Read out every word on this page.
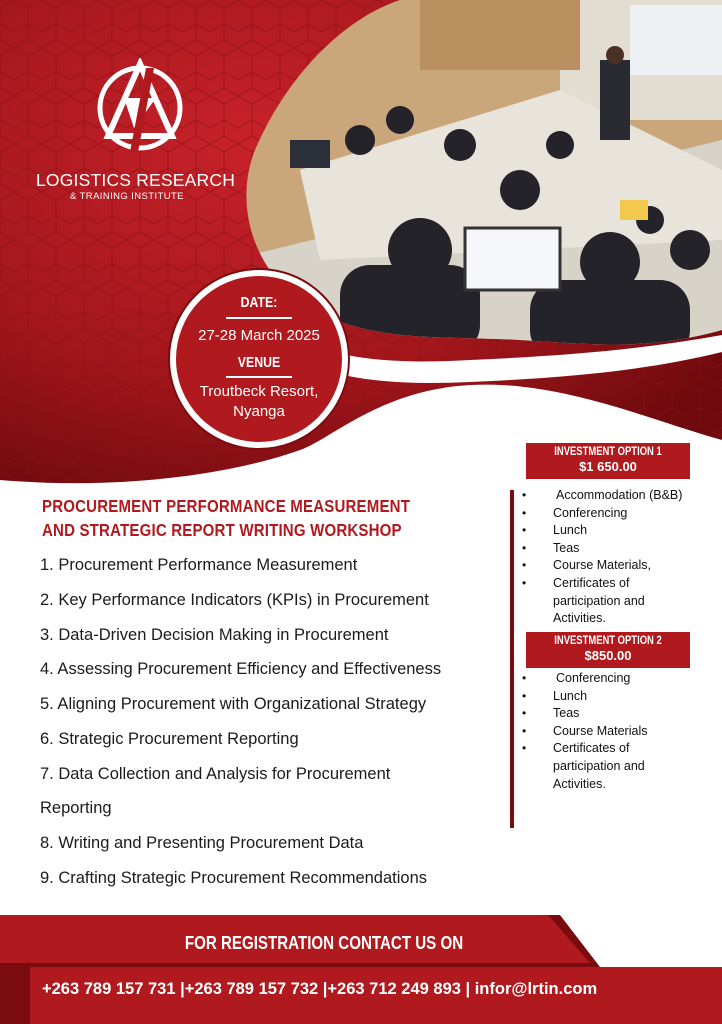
LOGISTICS RESEARCH
& TRAINING INSTITUTE
DATE:
27-28 March 2025
VENUE
Troutbeck Resort,
Nyanga
PROCUREMENT PERFORMANCE MEASUREMENT AND STRATEGIC REPORT WRITING WORKSHOP
1. Procurement Performance Measurement
2. Key Performance Indicators (KPIs) in Procurement
3. Data-Driven Decision Making in Procurement
4. Assessing Procurement Efficiency and Effectiveness
5. Aligning Procurement with Organizational Strategy
6. Strategic Procurement Reporting
7. Data Collection and Analysis for Procurement
Reporting
8. Writing and Presenting Procurement Data
9. Crafting Strategic Procurement Recommendations
INVESTMENT OPTION 1
$1 650.00
• Accommodation (B&B)
• Conferencing
• Lunch
• Teas
• Course Materials,
• Certificates of
participation and
Activities.
INVESTMENT OPTION 2
$850.00
• Conferencing
• Lunch
• Teas
• Course Materials
• Certificates of
participation and
Activities.
FOR REGISTRATION CONTACT US ON
+263 789 157 731 |+263 789 157 732 |+263 712 249 893 | infor@lrtin.com
